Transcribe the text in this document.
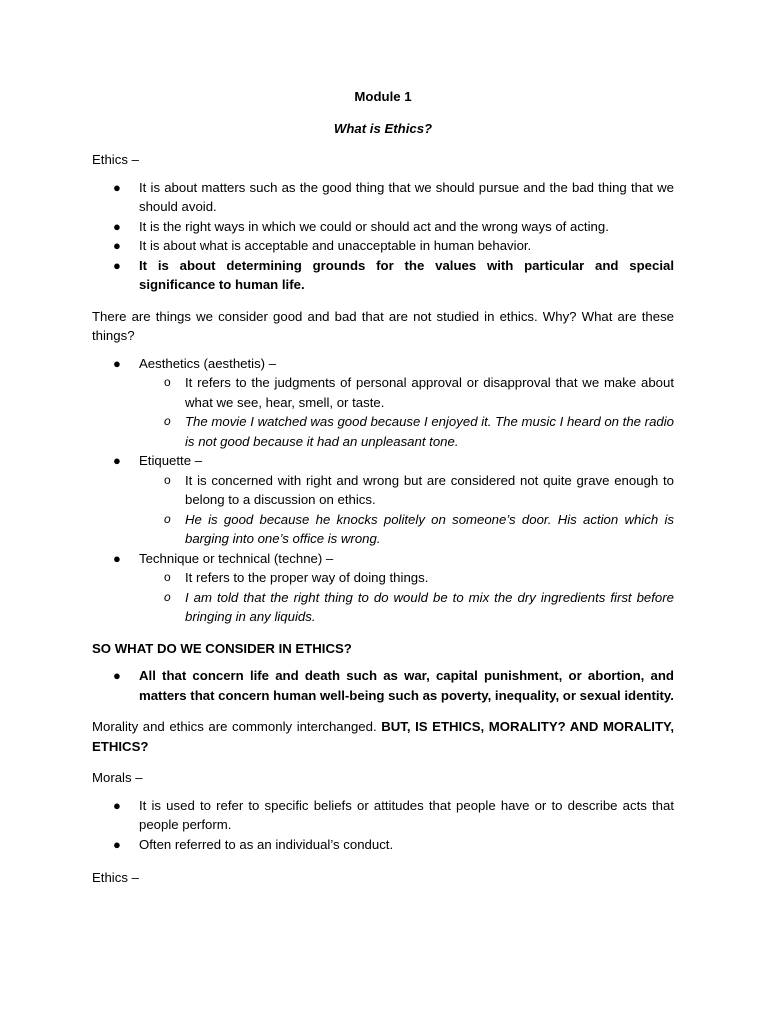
Module 1

What is Ethics?

Ethics –

● It is about matters such as the good thing that we should pursue and the bad thing that we should avoid.
● It is the right ways in which we could or should act and the wrong ways of acting.
● It is about what is acceptable and unacceptable in human behavior.
● It is about determining grounds for the values with particular and special significance to human life.

There are things we consider good and bad that are not studied in ethics. Why? What are these things?

● Aesthetics (aesthetis) –
o It refers to the judgments of personal approval or disapproval that we make about what we see, hear, smell, or taste.
o The movie I watched was good because I enjoyed it. The music I heard on the radio is not good because it had an unpleasant tone.
● Etiquette –
o It is concerned with right and wrong but are considered not quite grave enough to belong to a discussion on ethics.
o He is good because he knocks politely on someone’s door. His action which is barging into one’s office is wrong.
● Technique or technical (techne) –
o It refers to the proper way of doing things.
o I am told that the right thing to do would be to mix the dry ingredients first before bringing in any liquids.

SO WHAT DO WE CONSIDER IN ETHICS?

● All that concern life and death such as war, capital punishment, or abortion, and matters that concern human well-being such as poverty, inequality, or sexual identity.

Morality and ethics are commonly interchanged. BUT, IS ETHICS, MORALITY? AND MORALITY, ETHICS?

Morals –

● It is used to refer to specific beliefs or attitudes that people have or to describe acts that people perform.
● Often referred to as an individual’s conduct.

Ethics –
